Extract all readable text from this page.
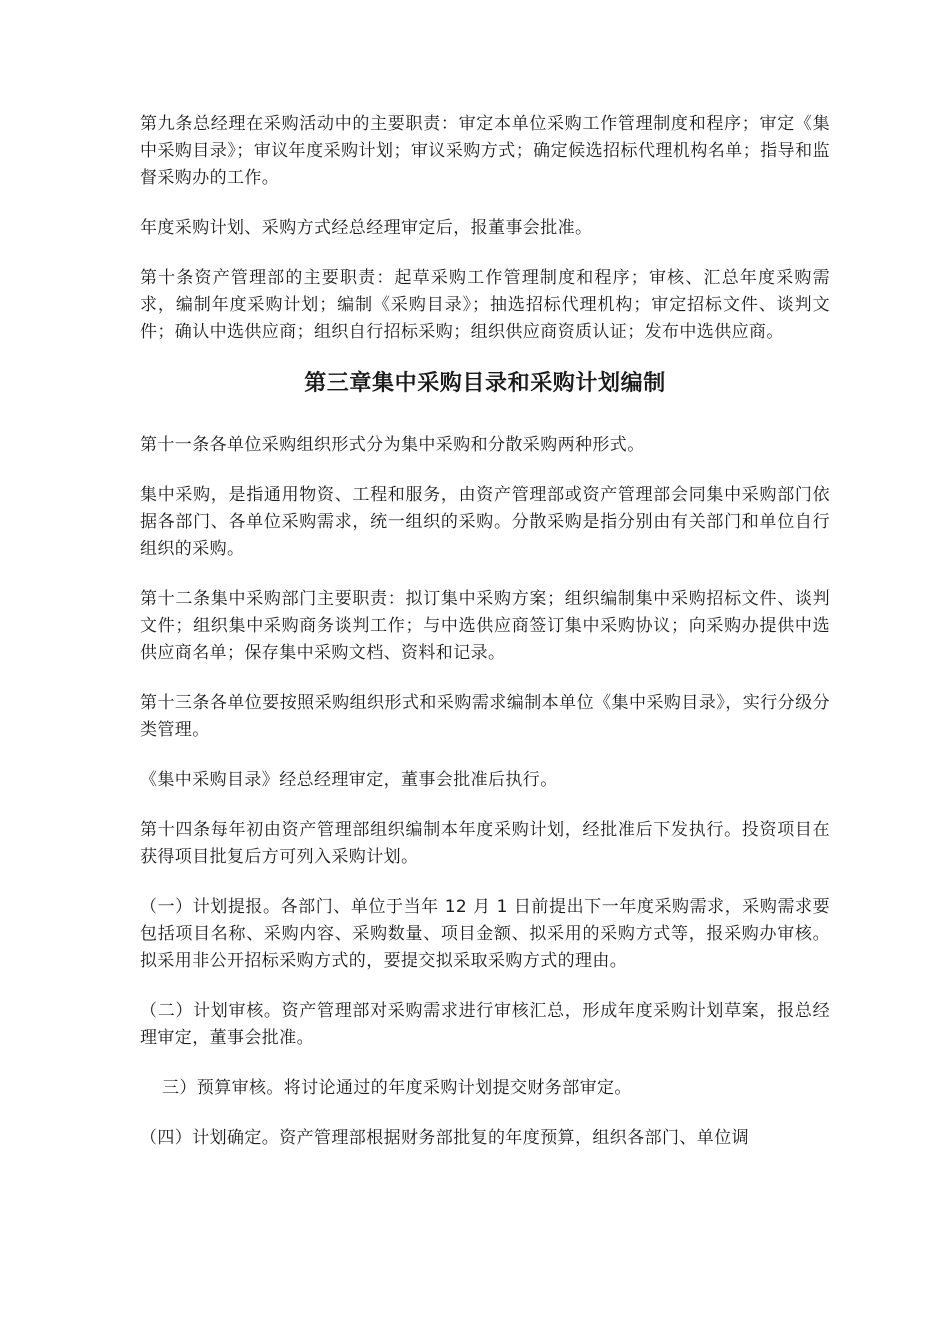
第九条总经理在采购活动中的主要职责：审定本单位采购工作管理制度和程序；审定《集中采购目录》；审议年度采购计划；审议采购方式；确定候选招标代理机构名单；指导和监督采购办的工作。

年度采购计划、采购方式经总经理审定后，报董事会批准。

第十条资产管理部的主要职责：起草采购工作管理制度和程序；审核、汇总年度采购需求，编制年度采购计划；编制《采购目录》；抽选招标代理机构；审定招标文件、谈判文件；确认中选供应商；组织自行招标采购；组织供应商资质认证；发布中选供应商。

第三章集中采购目录和采购计划编制

第十一条各单位采购组织形式分为集中采购和分散采购两种形式。

集中采购，是指通用物资、工程和服务，由资产管理部或资产管理部会同集中采购部门依据各部门、各单位采购需求，统一组织的采购。分散采购是指分别由有关部门和单位自行组织的采购。

第十二条集中采购部门主要职责：拟订集中采购方案；组织编制集中采购招标文件、谈判文件；组织集中采购商务谈判工作；与中选供应商签订集中采购协议；向采购办提供中选供应商名单；保存集中采购文档、资料和记录。

第十三条各单位要按照采购组织形式和采购需求编制本单位《集中采购目录》，实行分级分类管理。

《集中采购目录》经总经理审定，董事会批准后执行。

第十四条每年初由资产管理部组织编制本年度采购计划，经批准后下发执行。投资项目在获得项目批复后方可列入采购计划。

（一）计划提报。各部门、单位于当年 12 月 1 日前提出下一年度采购需求，采购需求要包括项目名称、采购内容、采购数量、项目金额、拟采用的采购方式等，报采购办审核。拟采用非公开招标采购方式的，要提交拟采取采购方式的理由。

（二）计划审核。资产管理部对采购需求进行审核汇总，形成年度采购计划草案，报总经理审定，董事会批准。

三）预算审核。将讨论通过的年度采购计划提交财务部审定。

（四）计划确定。资产管理部根据财务部批复的年度预算，组织各部门、单位调
